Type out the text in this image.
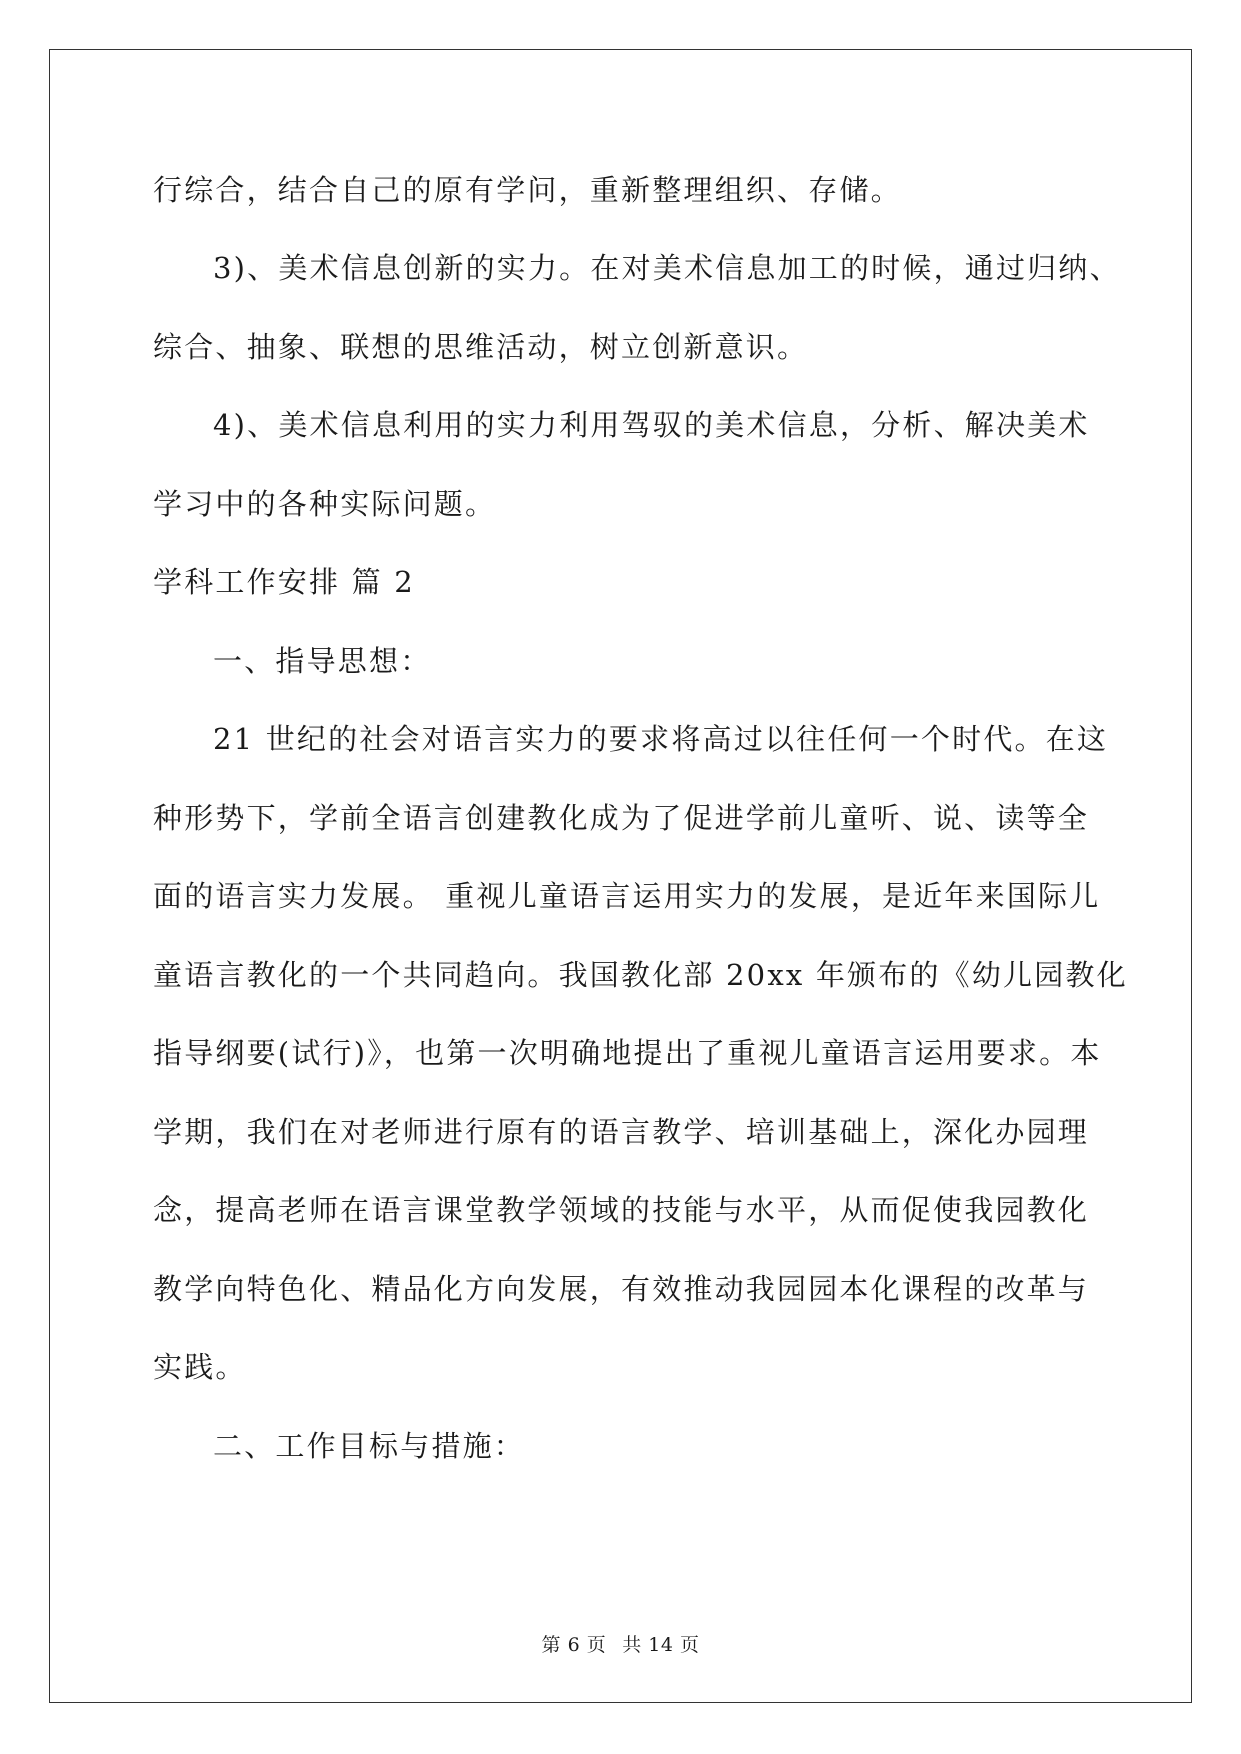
行综合，结合自己的原有学问，重新整理组织、存储。
3)、美术信息创新的实力。在对美术信息加工的时候，通过归纳、
综合、抽象、联想的思维活动，树立创新意识。
4)、美术信息利用的实力利用驾驭的美术信息，分析、解决美术
学习中的各种实际问题。
学科工作安排 篇 2
一、指导思想：
21 世纪的社会对语言实力的要求将高过以往任何一个时代。在这
种形势下，学前全语言创建教化成为了促进学前儿童听、说、读等全
面的语言实力发展。 重视儿童语言运用实力的发展，是近年来国际儿
童语言教化的一个共同趋向。我国教化部 20xx 年颁布的《幼儿园教化
指导纲要(试行)》，也第一次明确地提出了重视儿童语言运用要求。本
学期，我们在对老师进行原有的语言教学、培训基础上，深化办园理
念，提高老师在语言课堂教学领域的技能与水平，从而促使我园教化
教学向特色化、精品化方向发展，有效推动我园园本化课程的改革与
实践。
二、工作目标与措施：
第 6 页 共 14 页
